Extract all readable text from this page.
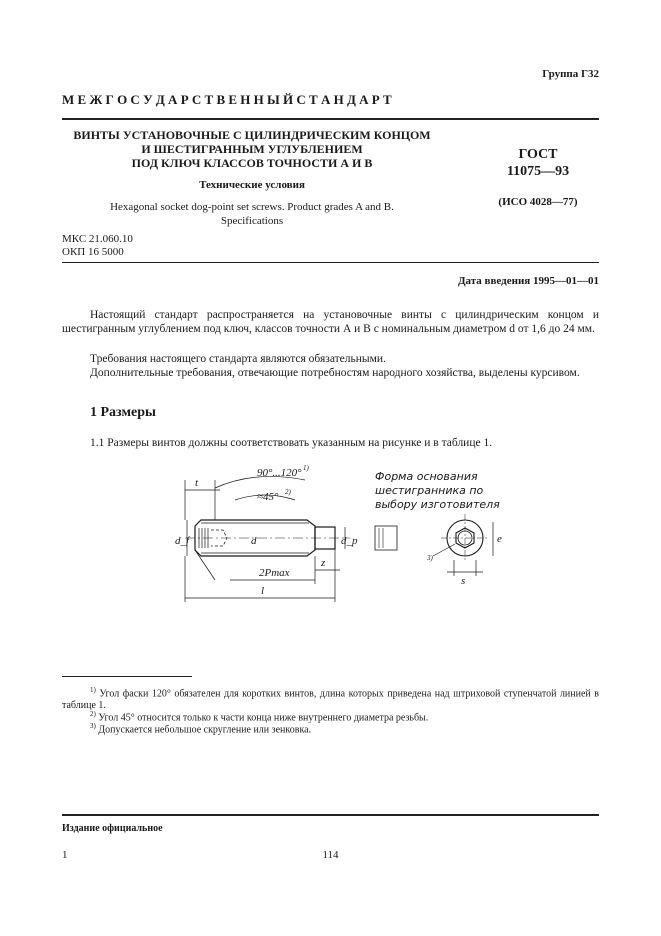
Группа Г32
М Е Ж Г О С У Д А Р С Т В Е Н Н Ы Й С Т А Н Д А Р Т
ВИНТЫ УСТАНОВОЧНЫЕ С ЦИЛИНДРИЧЕСКИМ КОНЦОМ
И ШЕСТИГРАННЫМ УГЛУБЛЕНИЕМ
ПОД КЛЮЧ КЛАССОВ ТОЧНОСТИ А И В
Технические условия
Hexagonal socket dog-point set screws. Product grades A and B.
Specifications
ГОСТ
11075—93
(ИСО 4028—77)
МКС 21.060.10
ОКП 16 5000
Дата введения 1995—01—01
Настоящий стандарт распространяется на установочные винты с цилиндрическим концом и шестигранным углублением под ключ, классов точности А и В с номинальным диаметром d от 1,6 до 24 мм.
Требования настоящего стандарта являются обязательными.
Дополнительные требования, отвечающие потребностям народного хозяйства, выделены курсивом.
1 Размеры
1.1 Размеры винтов должны соответствовать указанным на рисунке и в таблице 1.
t
90°...120° 1)
≈45° 2)
d_f	d	d_p
z
2Pmax
l
e
s
3)
Форма основания
шестигранника по
выбору изготовителя
$^{1)}$ Угол фаски 120° обязателен для коротких винтов, длина которых приведена над штриховой ступенчатой линией в таблице 1.
$^{2)}$ Угол 45° относится только к части конца ниже внутреннего диаметра резьбы.
$^{3)}$ Допускается небольшое скругление или зенковка.
Издание официальное
1	114
